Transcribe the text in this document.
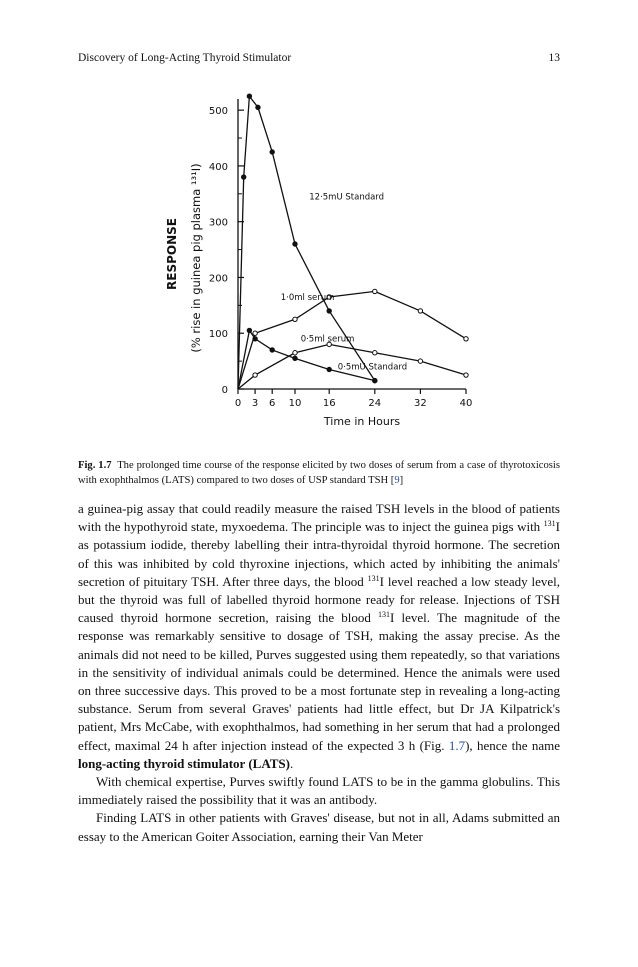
Discovery of Long-Acting Thyroid Stimulator	13
0
100
200
300
400
500
0 3 6 10 16	24	32	40
Time in Hours
RESPONSE (% rise in guinea pig plasma ¹³¹I)	12·5mU Standard
1·0ml serum
0·5ml serum
0·5mU Standard
Fig. 1.7 The prolonged time course of the response elicited by two doses of serum from a case of thyrotoxicosis with exophthalmos (LATS) compared to two doses of USP standard TSH [9]

a guinea-pig assay that could readily measure the raised TSH levels in the blood of patients with the hypothyroid state, myxoedema. The principle was to inject the guinea pigs with $^{131}$I as potassium iodide, thereby labelling their intra-thyroidal thyroid hormone. The secretion of this was inhibited by cold thyroxine injections, which acted by inhibiting the animals' secretion of pituitary TSH. After three days, the blood $^{131}$I level reached a low steady level, but the thyroid was full of labelled thyroid hormone ready for release. Injections of TSH caused thyroid hormone secretion, raising the blood $^{131}$I level. The magnitude of the response was remarkably sensitive to dosage of TSH, making the assay precise. As the animals did not need to be killed, Purves suggested using them repeatedly, so that variations in the sensitivity of individual animals could be determined. Hence the animals were used on three successive days. This proved to be a most fortunate step in revealing a long-acting substance. Serum from several Graves' patients had little effect, but Dr JA Kilpatrick's patient, Mrs McCabe, with exophthalmos, had something in her serum that had a prolonged effect, maximal 24 h after injection instead of the expected 3 h (Fig. 1.7), hence the name long-acting thyroid stimulator (LATS).

With chemical expertise, Purves swiftly found LATS to be in the gamma globulins. This immediately raised the possibility that it was an antibody.

Finding LATS in other patients with Graves' disease, but not in all, Adams submitted an essay to the American Goiter Association, earning their Van Meter
